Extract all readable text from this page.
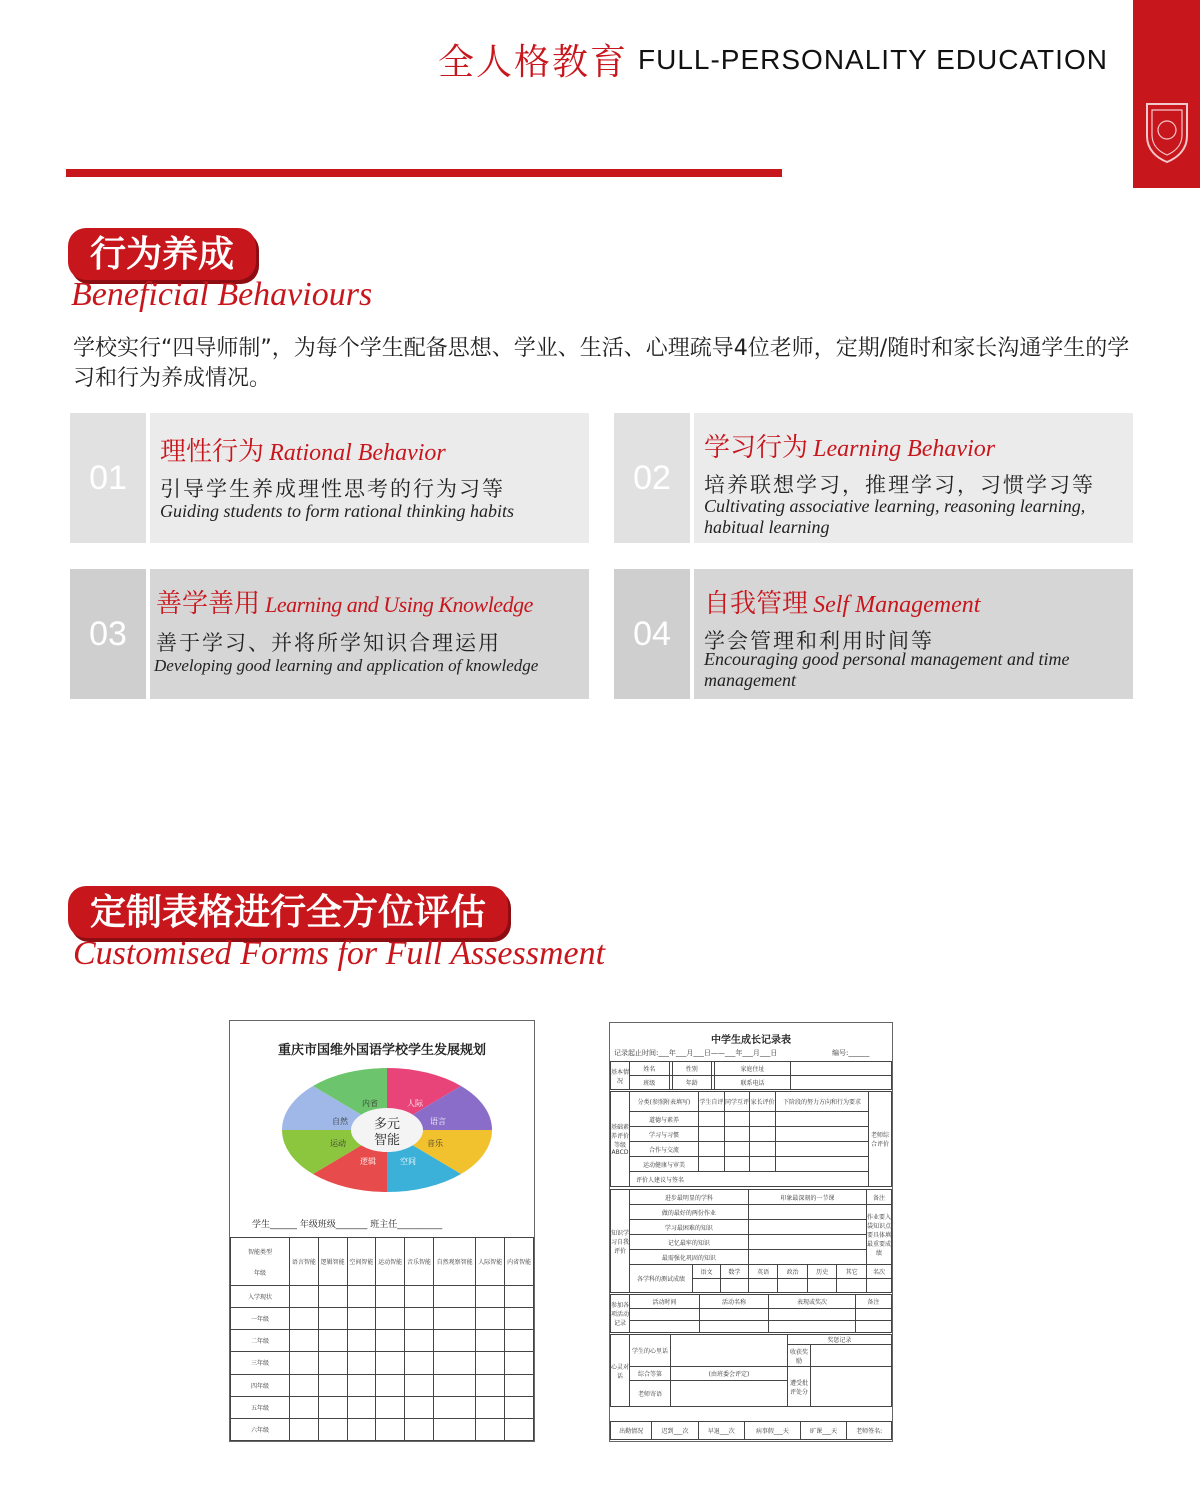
全人格教育 FULL-PERSONALITY EDUCATION
行为养成
Beneficial Behaviours
学校实行“四导师制”，为每个学生配备思想、学业、生活、心理疏导4位老师，定期/随时和家长沟通学生的学习和行为养成情况。
01
理性行为 Rational Behavior
引导学生养成理性思考的行为习等
Guiding students to form rational thinking habits
02
学习行为 Learning Behavior
培养联想学习，推理学习，习惯学习等
Cultivating associative learning, reasoning learning, habitual learning
03
善学善用 Learning and Using Knowledge
善于学习、并将所学知识合理运用
Developing good learning and application of knowledge
04
自我管理 Self Management
学会管理和利用时间等
Encouraging good personal management and time management
定制表格进行全方位评估
Customised Forms for Full Assessment
重庆市国维外国语学校学生发展规划
多元
智能
人际
语言
音乐
空间
逻辑
运动
自然
内省
学生______ 年级班级_______ 班主任__________
智能类型
年级	语言智能	逻辑智能	空间智能	运动智能	音乐智能	自然观察智能	人际智能	内省智能
入学现状								
一年级								
二年级								
三年级								
四年级								
五年级								
六年级								
中学生成长记录表
记录起止时间:___年___月___日——___年___月___日	编号:______
基本情况	姓名		性别		家庭住址	
	班级		年龄		联系电话	
基础素养评价等级ABCD	分类(参照附表填写)	学生自评	同学互评	家长评价	下阶段的努力方向和行为要求	老师综合评价
	道德与素养					
	学习与习惯					
	合作与交流					
	运动健康与审美					
	评价人建议与签名					
知识学习自我评价	进步最明显的学科			印象最深刻的一节课				备注
	做的最好的两份作业							作业要入袋知识点要具体填最重要成绩
	学习最困难的知识							
	记忆最牢的知识							
	最需强化巩固的知识							
	各学科的测试成绩	语文	数学	英语	政治	历史	其它	名次

参加各项活动记录	活动时间	活动名称	表现或奖次	备注

心灵对话	学生的心里话		奖惩记录	
			收获奖励	
	综合等第	(由班委会评定)	遭受批评处分	
	老师寄语			
出勤情况	迟到___次	早退___次	病事假___天	旷课___天	老师签名:
